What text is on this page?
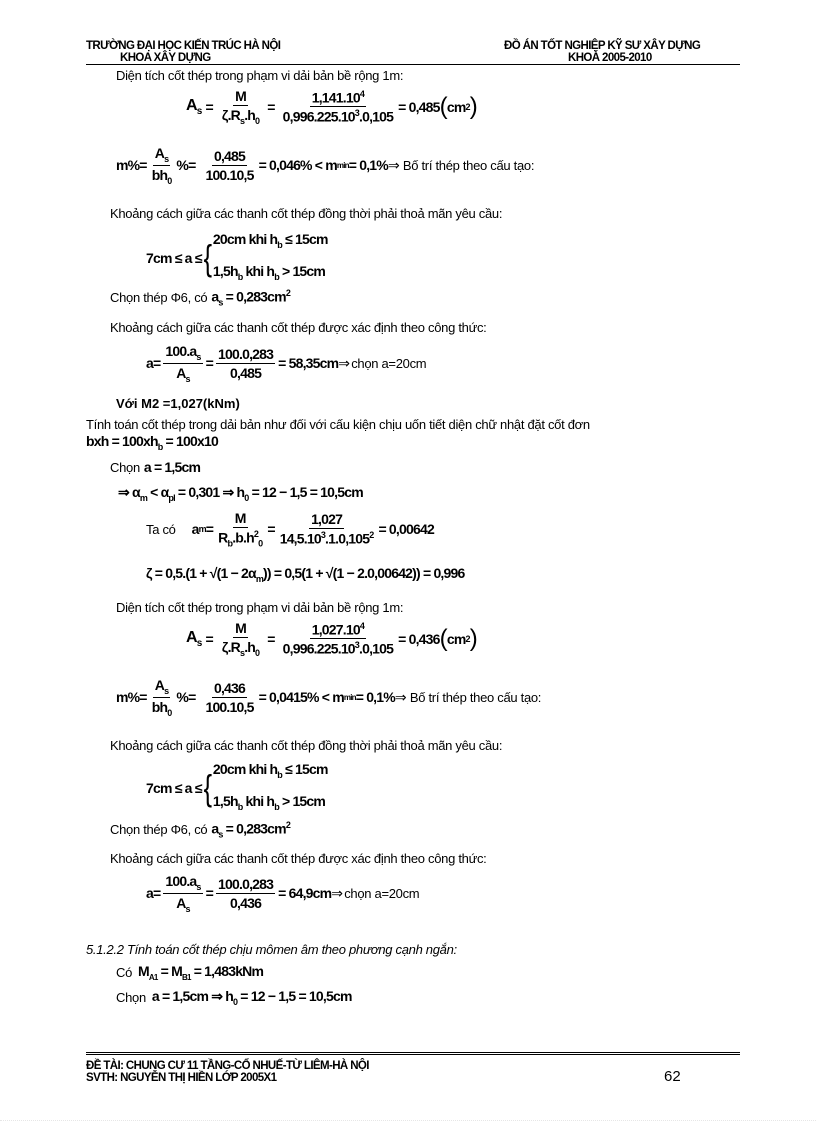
TRƯỜNG ĐẠI HỌC KIẾN TRÚC HÀ NỘI
KHOA XÂY DỰNG
ĐỒ ÁN TỐT NGHIỆP KỸ SƯ XÂY DỰNG
KHOÁ 2005-2010
Diện tích cốt thép trong phạm vi dải bản bề rộng 1m:
$A_s = \frac{M}{\zeta.R_s.h_0} = \frac{1,141.10^4}{0,996.225.10^3.0,105} = 0,485$ ( cm 2 )
$m\%= \frac{A_s}{bh_0}$ %= $\frac{0,485}{100.10,5} = 0,046\% < m$ min = 0,1% ⇒ Bố trí thép theo cấu tạo:
Khoảng cách giữa các thanh cốt thép đồng thời phải thoả mãn yêu cầu:
7cm ≤ a ≤ { 20cm khi $h_b \le 15cm$
$1,5h_b$ khi $h_b > 15cm$
Chọn thép Φ6, có $a_s = 0,283cm^2$
Khoảng cách giữa các thanh cốt thép được xác định theo công thức:
$a= \frac{100.a_s}{A_s} = \frac{100.0,283}{0,485} = 58,35cm$ ⇒ chọn a=20cm
Với M2 =1,027(kNm)
Tính toán cốt thép trong dải bản như đối với cấu kiện chịu uốn tiết diện chữ nhật đặt cốt đơn
bxh = $100xh_b = 100x10$
Chọn a = 1,5cm
⇒ $\alpha_m < \alpha_{pl} = 0,301$ ⇒ $h_0 = 12 - 1,5 = 10,5cm$
Ta có a $m = \frac{M}{R_b.b.h^2_0} = \frac{1,027}{14,5.10^3.1.0,105^2} = 0,00642$
$\zeta = 0,5.(1 + √(1 - 2\alpha_m)) = 0,5(1 + √(1 - 2.0,00642)) = 0,996$
Diện tích cốt thép trong phạm vi dải bản bề rộng 1m:
$A_s = \frac{M}{\zeta.R_s.h_0} = \frac{1,027.10^4}{0,996.225.10^3.0,105} = 0,436$ ( cm 2 )
$m\%= \frac{A_s}{bh_0}$ %= $\frac{0,436}{100.10,5} = 0,0415\% < m$ min = 0,1% ⇒ Bố trí thép theo cấu tạo:
Khoảng cách giữa các thanh cốt thép đồng thời phải thoả mãn yêu cầu:
7cm ≤ a ≤ { 20cm khi $h_b \le 15cm$
$1,5h_b$ khi $h_b > 15cm$
Chọn thép Φ6, có $a_s = 0,283cm^2$
Khoảng cách giữa các thanh cốt thép được xác định theo công thức:
$a= \frac{100.a_s}{A_s} = \frac{100.0,283}{0,436} = 64,9cm$ ⇒ chọn a=20cm
5.1.2.2 Tính toán cốt thép chịu mômen âm theo phương cạnh ngắn:
Có $M_{A1} = M_{B1} = 1,483kNm$
Chọn a = 1,5cm ⇒ $h_0 = 12 - 1,5 = 10,5cm$
ĐỀ TÀI: CHUNG CƯ 11 TẦNG-CỔ NHUẾ-TỪ LIÊM-HÀ NỘI
SVTH: NGUYỄN THỊ HIỀN LỚP 2005X1	62
